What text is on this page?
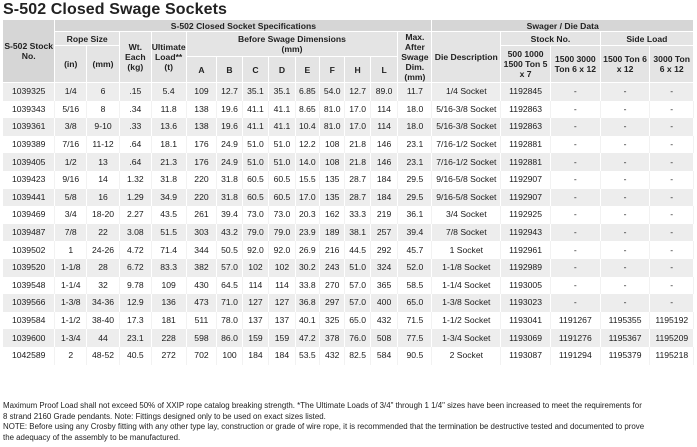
S-502 Closed Swage Sockets
S-502 Stock No.	S-502 Closed Socket Specifications													Swager / Die Data				
	Rope Size		Wt. Each (kg)	Ultimate Load** (t)	Before Swage Dimensions
(mm)								Max. After Swage Dim. (mm)	Die Description	Stock No.		Side Load	
	(in)	(mm)													500 1000 1500 Ton 5 x 7	1500 3000 Ton 6 x 12	1500 Ton 6 x 12	3000 Ton 6 x 12
					A	B	C	D	E	F	H	L						
1039325	1/4	6	.15	5.4	109	12.7	35.1	35.1	6.85	54.0	12.7	89.0	11.7	1/4 Socket	1192845	-	-	-
1039343	5/16	8	.34	11.8	138	19.6	41.1	41.1	8.65	81.0	17.0	114	18.0	5/16-3/8 Socket	1192863	-	-	-
1039361	3/8	9-10	.33	13.6	138	19.6	41.1	41.1	10.4	81.0	17.0	114	18.0	5/16-3/8 Socket	1192863	-	-	-
1039389	7/16	11-12	.64	18.1	176	24.9	51.0	51.0	12.2	108	21.8	146	23.1	7/16-1/2 Socket	1192881	-	-	-
1039405	1/2	13	.64	21.3	176	24.9	51.0	51.0	14.0	108	21.8	146	23.1	7/16-1/2 Socket	1192881	-	-	-
1039423	9/16	14	1.32	31.8	220	31.8	60.5	60.5	15.5	135	28.7	184	29.5	9/16-5/8 Socket	1192907	-	-	-
1039441	5/8	16	1.29	34.9	220	31.8	60.5	60.5	17.0	135	28.7	184	29.5	9/16-5/8 Socket	1192907	-	-	-
1039469	3/4	18-20	2.27	43.5	261	39.4	73.0	73.0	20.3	162	33.3	219	36.1	3/4 Socket	1192925	-	-	-
1039487	7/8	22	3.08	51.5	303	43.2	79.0	79.0	23.9	189	38.1	257	39.4	7/8 Socket	1192943	-	-	-
1039502	1	24-26	4.72	71.4	344	50.5	92.0	92.0	26.9	216	44.5	292	45.7	1 Socket	1192961	-	-	-
1039520	1-1/8	28	6.72	83.3	382	57.0	102	102	30.2	243	51.0	324	52.0	1-1/8 Socket	1192989	-	-	-
1039548	1-1/4	32	9.78	109	430	64.5	114	114	33.8	270	57.0	365	58.5	1-1/4 Socket	1193005	-	-	-
1039566	1-3/8	34-36	12.9	136	473	71.0	127	127	36.8	297	57.0	400	65.0	1-3/8 Socket	1193023	-	-	-
1039584	1-1/2	38-40	17.3	181	511	78.0	137	137	40.1	325	65.0	432	71.5	1-1/2 Socket	1193041	1191267	1195355	1195192
1039600	1-3/4	44	23.1	228	598	86.0	159	159	47.2	378	76.0	508	77.5	1-3/4 Socket	1193069	1191276	1195367	1195209
1042589	2	48-52	40.5	272	702	100	184	184	53.5	432	82.5	584	90.5	2 Socket	1193087	1191294	1195379	1195218
Maximum Proof Load shall not exceed 50% of XXIP rope catalog breaking strength. *The Ultimate Loads of 3/4" through 1 1/4" sizes have been increased to meet the requirements for
8 strand 2160 Grade pendants. Note: Fittings designed only to be used on exact sizes listed.
NOTE: Before using any Crosby fitting with any other type lay, construction or grade of wire rope, it is recommended that the termination be destructive tested and documented to prove
the adequacy of the assembly to be manufactured.
